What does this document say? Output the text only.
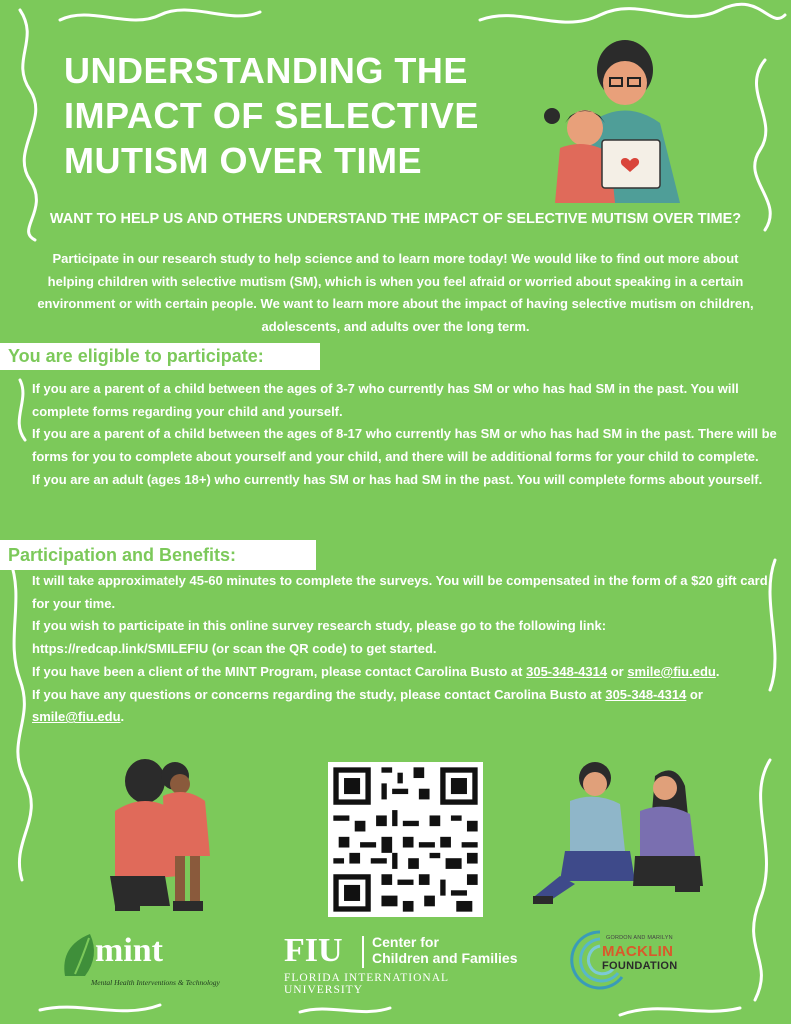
UNDERSTANDING THE
IMPACT OF SELECTIVE
MUTISM OVER TIME
WANT TO HELP US AND OTHERS UNDERSTAND THE IMPACT OF SELECTIVE MUTISM OVER TIME?

Participate in our research study to help science and to learn more today! We would like to find out more about helping children with selective mutism (SM), which is when you feel afraid or worried about speaking in a certain environment or with certain people. We want to learn more about the impact of having selective mutism on children, adolescents, and adults over the long term.

You are eligible to participate:
If you are a parent of a child between the ages of 3-7 who currently has SM or who has had SM in the past. You will complete forms regarding your child and yourself.
If you are a parent of a child between the ages of 8-17 who currently has SM or who has had SM in the past. There will be forms for you to complete about yourself and your child, and there will be additional forms for your child to complete.
If you are an adult (ages 18+) who currently has SM or has had SM in the past. You will complete forms about yourself.
Participation and Benefits:
It will take approximately 45-60 minutes to complete the surveys. You will be compensated in the form of a $20 gift card for your time.
If you wish to participate in this online survey research study, please go to the following link: https://redcap.link/SMILEFIU (or scan the QR code) to get started.
If you have been a client of the MINT Program, please contact Carolina Busto at 305-348-4314 or smile@fiu.edu.
If you have any questions or concerns regarding the study, please contact Carolina Busto at 305-348-4314 or smile@fiu.edu.
mint
Mental Health Interventions & Technology
FIU Center for
Children and Families
FLORIDA INTERNATIONAL UNIVERSITY
GORDON AND MARILYN
MACKLIN
FOUNDATION
